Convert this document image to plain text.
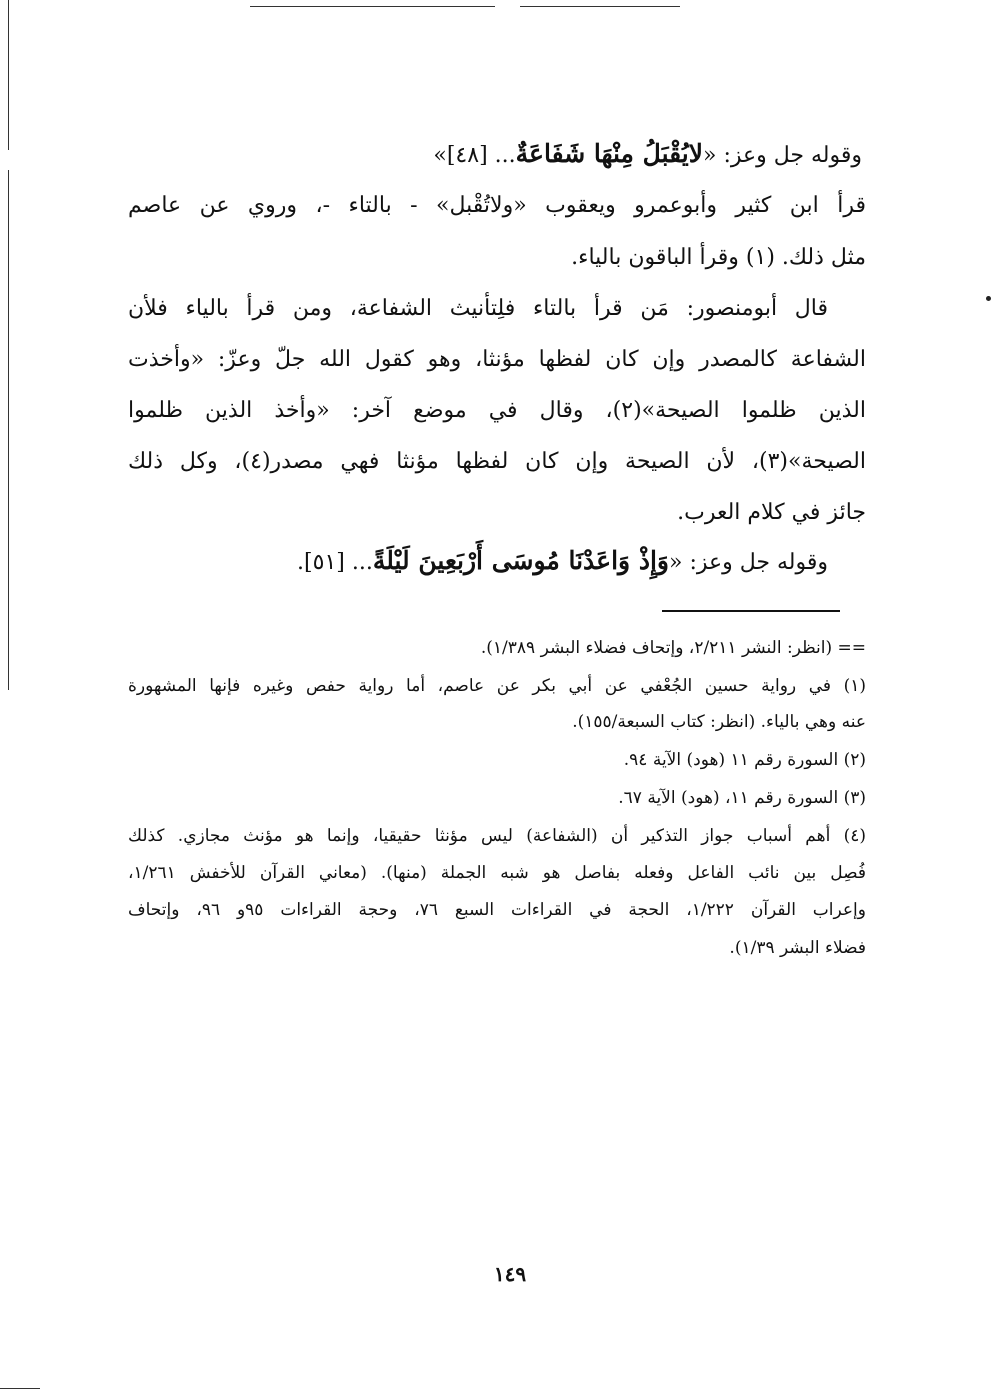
وقوله جل وعز: «لايُقْبَلُ مِنْهَا شَفَاعَةٌ... [٤٨]»
قرأ ابن كثير وأبوعمرو ويعقوب «ولاتُقْبل» - بالتاء -، وروي عن عاصم
مثل ذلك. (١) وقرأ الباقون بالياء.
قال أبومنصور: مَن قرأ بالتاء فلِتأنيث الشفاعة، ومن قرأ بالياء فلأن
الشفاعة كالمصدر وإن كان لفظها مؤنثا، وهو كقول الله جلّ وعزّ: «وأخذت
الذين ظلموا الصيحة»(٢)، وقال في موضع آخر: «وأخذ الذين ظلموا
الصيحة»(٣)، لأن الصيحة وإن كان لفظها مؤنثا فهي مصدر(٤)، وكل ذلك
جائز في كلام العرب.
وقوله جل وعز: «وَإِذْ وَاعَدْنَا مُوسَى أَرْبَعِينَ لَيْلَةً... [٥١].
== (انظر: النشر ٢/٢١١، وإتحاف فضلاء البشر ١/٣٨٩).
(١) في رواية حسين الجُعْفي عن أبي بكر عن عاصم، أما رواية حفص وغيره فإنها المشهورة
عنه وهي بالياء. (انظر: كتاب السبعة/١٥٥).
(٢) السورة رقم ١١ (هود) الآية ٩٤.
(٣) السورة رقم ١١، (هود) الآية ٦٧.
(٤) أهم أسباب جواز التذكير أن (الشفاعة) ليس مؤنثا حقيقيا، وإنما هو مؤنث مجازي. كذلك
فُصِل بين نائب الفاعل وفعله بفاصل هو شبه الجملة (منها). (معاني القرآن للأخفش ١/٢٦١،
وإعراب القرآن ١/٢٢٢، الحجة في القراءات السبع ٧٦، وحجة القراءات ٩٥و ٩٦، وإتحاف
فضلاء البشر ١/٣٩).
١٤٩
